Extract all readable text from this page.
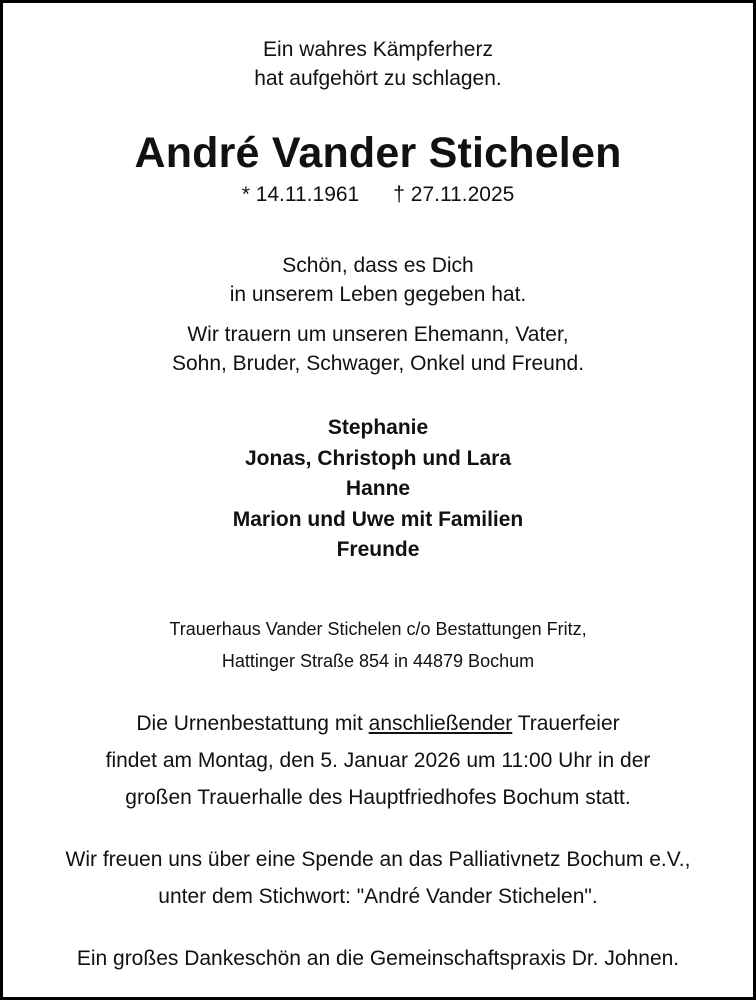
Ein wahres Kämpferherz
hat aufgehört zu schlagen.
André Vander Stichelen
* 14.11.1961 † 27.11.2025
Schön, dass es Dich
in unserem Leben gegeben hat.
Wir trauern um unseren Ehemann, Vater,
Sohn, Bruder, Schwager, Onkel und Freund.
Stephanie
Jonas, Christoph und Lara
Hanne
Marion und Uwe mit Familien
Freunde
Trauerhaus Vander Stichelen c/o Bestattungen Fritz,
Hattinger Straße 854 in 44879 Bochum
Die Urnenbestattung mit anschließender Trauerfeier
findet am Montag, den 5. Januar 2026 um 11:00 Uhr in der
großen Trauerhalle des Hauptfriedhofes Bochum statt.
Wir freuen uns über eine Spende an das Palliativnetz Bochum e.V.,
unter dem Stichwort: "André Vander Stichelen".
Ein großes Dankeschön an die Gemeinschaftspraxis Dr. Johnen.
